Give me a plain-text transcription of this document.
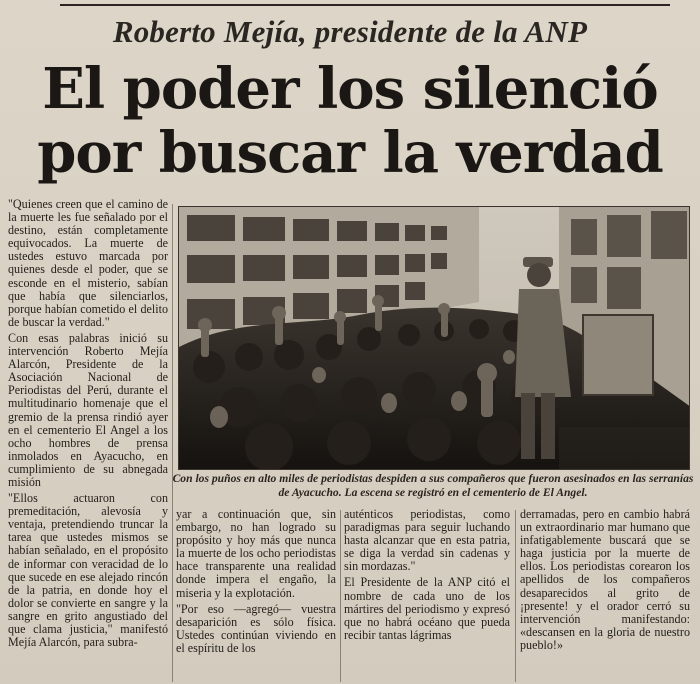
Roberto Mejía, presidente de la ANP
El poder los silenció
por buscar la verdad

"Quienes creen que el camino de la muerte les fue señalado por el destino, están completamente equivocados. La muerte de ustedes estuvo marcada por quienes desde el poder, que se esconde en el misterio, sabían que había que silenciarlos, porque habían cometido el delito de buscar la verdad."

Con esas palabras inició su intervención Roberto Mejía Alarcón, Presidente de la Asociación Nacional de Periodistas del Perú, durante el multitudinario homenaje que el gremio de la prensa rindió ayer en el cementerio El Angel a los ocho hombres de prensa inmolados en Ayacucho, en cumplimiento de su abnegada misión

"Ellos actuaron con premeditación, alevosía y ventaja, pretendiendo truncar la tarea que ustedes mismos se habían señalado, en el propósito de informar con veracidad de lo que sucede en ese alejado rincón de la patria, en donde hoy el dolor se convierte en sangre y la sangre en grito angustiado del que clama justicia," manifestó Mejía Alarcón, para subra-

Con los puños en alto miles de periodistas despiden a sus compañeros que fueron asesinados en las serranías de Ayacucho. La escena se registró en el cementerio de El Angel.

yar a continuación que, sin embargo, no han logrado su propósito y hoy más que nunca la muerte de los ocho periodistas hace transparente una realidad donde impera el engaño, la miseria y la explotación.

"Por eso —agregó— vuestra desaparición es sólo física. Ustedes continúan viviendo en el espíritu de los

auténticos periodistas, como paradigmas para seguir luchando hasta alcanzar que en esta patria, se diga la verdad sin cadenas y sin mordazas."

El Presidente de la ANP citó el nombre de cada uno de los mártires del periodismo y expresó que no habrá océano que pueda recibir tantas lágrimas

derramadas, pero en cambio habrá un extraordinario mar humano que infatigablemente buscará que se haga justicia por la muerte de ellos. Los periodistas corearon los apellidos de los compañeros desaparecidos al grito de ¡presente! y el orador cerró su intervención manifestando: «descansen en la gloria de nuestro pueblo!»
